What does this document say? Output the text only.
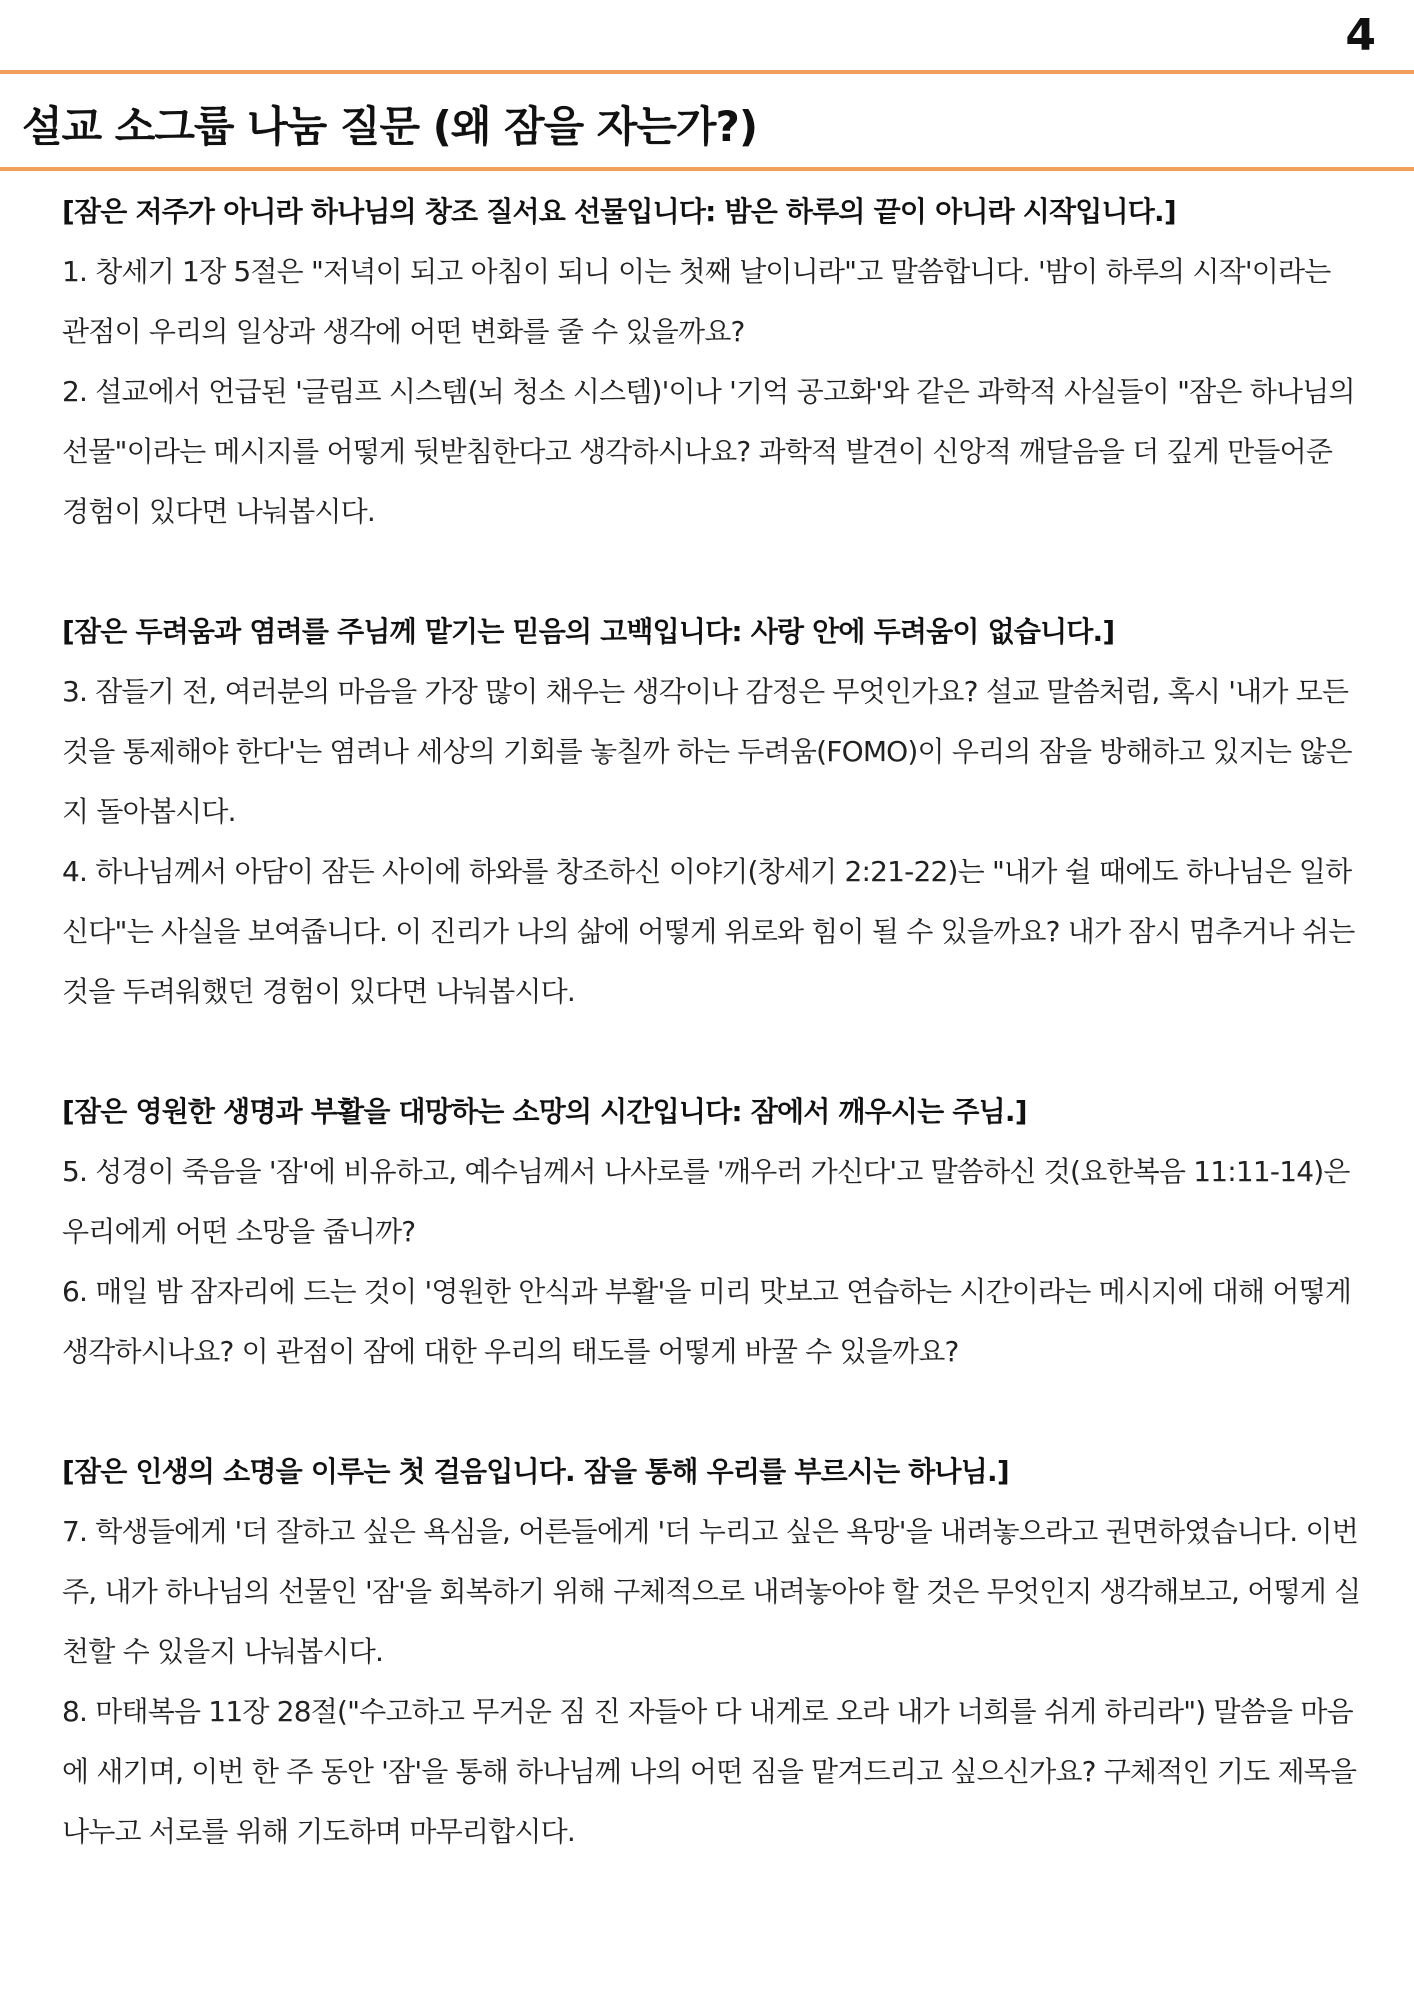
4
설교 소그룹 나눔 질문 (왜 잠을 자는가?)
[잠은 저주가 아니라 하나님의 창조 질서요 선물입니다: 밤은 하루의 끝이 아니라 시작입니다.]
1. 창세기 1장 5절은 "저녁이 되고 아침이 되니 이는 첫째 날이니라"고 말씀합니다. '밤이 하루의 시작'이라는 관점이 우리의 일상과 생각에 어떤 변화를 줄 수 있을까요?
2. 설교에서 언급된 '글림프 시스템(뇌 청소 시스템)'이나 '기억 공고화'와 같은 과학적 사실들이 "잠은 하나님의 선물"이라는 메시지를 어떻게 뒷받침한다고 생각하시나요? 과학적 발견이 신앙적 깨달음을 더 깊게 만들어준 경험이 있다면 나눠봅시다.
[잠은 두려움과 염려를 주님께 맡기는 믿음의 고백입니다: 사랑 안에 두려움이 없습니다.]
3. 잠들기 전, 여러분의 마음을 가장 많이 채우는 생각이나 감정은 무엇인가요? 설교 말씀처럼, 혹시 '내가 모든 것을 통제해야 한다'는 염려나 세상의 기회를 놓칠까 하는 두려움(FOMO)이 우리의 잠을 방해하고 있지는 않은지 돌아봅시다.
4. 하나님께서 아담이 잠든 사이에 하와를 창조하신 이야기(창세기 2:21-22)는 "내가 쉴 때에도 하나님은 일하신다"는 사실을 보여줍니다. 이 진리가 나의 삶에 어떻게 위로와 힘이 될 수 있을까요? 내가 잠시 멈추거나 쉬는 것을 두려워했던 경험이 있다면 나눠봅시다.
[잠은 영원한 생명과 부활을 대망하는 소망의 시간입니다: 잠에서 깨우시는 주님.]
5. 성경이 죽음을 '잠'에 비유하고, 예수님께서 나사로를 '깨우러 가신다'고 말씀하신 것(요한복음 11:11-14)은 우리에게 어떤 소망을 줍니까?
6. 매일 밤 잠자리에 드는 것이 '영원한 안식과 부활'을 미리 맛보고 연습하는 시간이라는 메시지에 대해 어떻게 생각하시나요? 이 관점이 잠에 대한 우리의 태도를 어떻게 바꿀 수 있을까요?
[잠은 인생의 소명을 이루는 첫 걸음입니다. 잠을 통해 우리를 부르시는 하나님.]
7. 학생들에게 '더 잘하고 싶은 욕심을, 어른들에게 '더 누리고 싶은 욕망'을 내려놓으라고 권면하였습니다. 이번 주, 내가 하나님의 선물인 '잠'을 회복하기 위해 구체적으로 내려놓아야 할 것은 무엇인지 생각해보고, 어떻게 실천할 수 있을지 나눠봅시다.
8. 마태복음 11장 28절("수고하고 무거운 짐 진 자들아 다 내게로 오라 내가 너희를 쉬게 하리라") 말씀을 마음에 새기며, 이번 한 주 동안 '잠'을 통해 하나님께 나의 어떤 짐을 맡겨드리고 싶으신가요? 구체적인 기도 제목을 나누고 서로를 위해 기도하며 마무리합시다.
